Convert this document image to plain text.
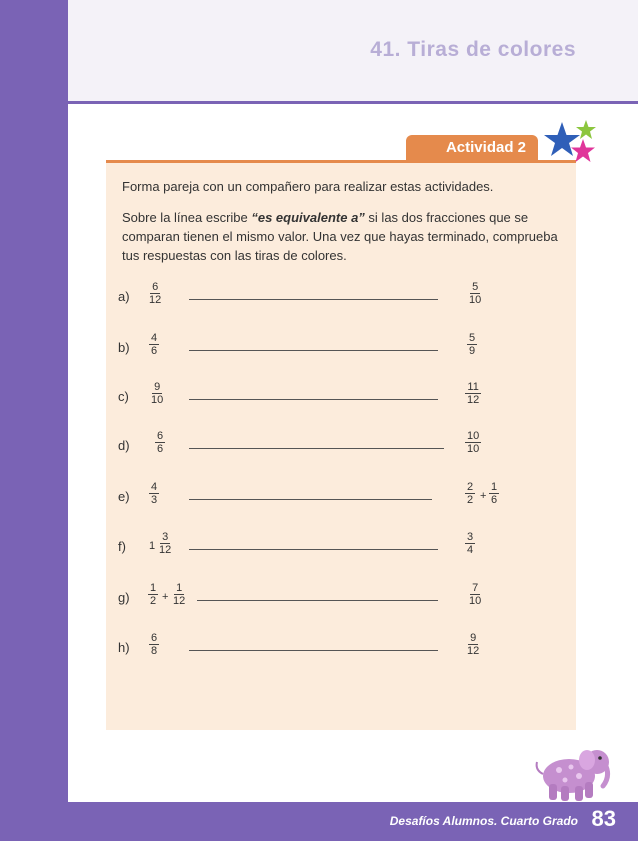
41. Tiras de colores
Actividad 2
Forma pareja con un compañero para realizar estas actividades.
Sobre la línea escribe “es equivalente a” si las dos fracciones que se comparan tienen el mismo valor. Una vez que hayas terminado, comprueba tus respuestas con las tiras de colores.
$a) \frac{6}{12}$	$\frac{5}{10}$
$b) \frac{4}{6}$	$\frac{5}{9}$
$c) \frac{9}{10}$	$\frac{11}{12}$
$d) \frac{6}{6}$	$\frac{10}{10}$
$e) \frac{4}{3}$	$\frac{2}{2} + \frac{1}{6}$
f) $1 \frac{3}{12}$	$\frac{3}{4}$
$g) \frac{1}{2} + \frac{1}{12}$	$\frac{7}{10}$
$h) \frac{6}{8}$	$\frac{9}{12}$
Desafíos Alumnos. Cuarto Grado 83
